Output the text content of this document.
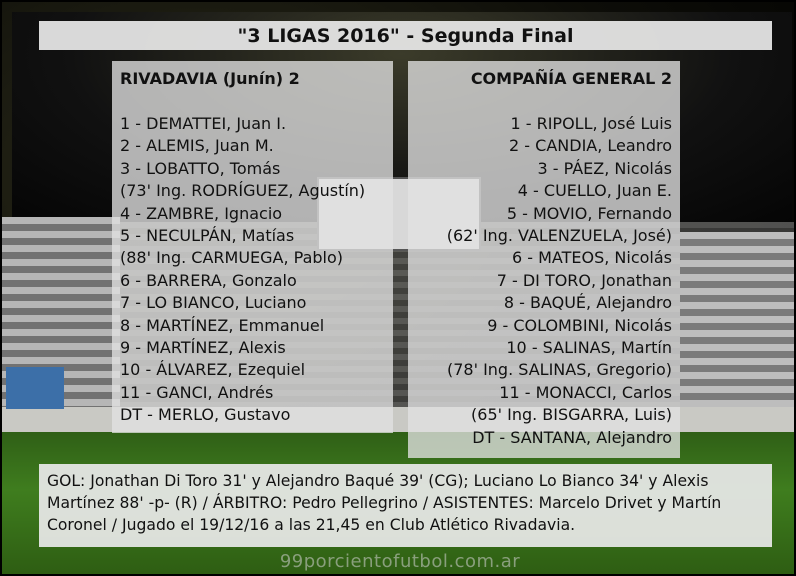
"3 LIGAS 2016" - Segunda Final
RIVADAVIA (Junín) 2
1 - DEMATTEI, Juan I.
2 - ALEMIS, Juan M.
3 - LOBATTO, Tomás
(73' Ing. RODRÍGUEZ, Agustín)
4 - ZAMBRE, Ignacio
5 - NECULPÁN, Matías
(88' Ing. CARMUEGA, Pablo)
6 - BARRERA, Gonzalo
7 - LO BIANCO, Luciano
8 - MARTÍNEZ, Emmanuel
9 - MARTÍNEZ, Alexis
10 - ÁLVAREZ, Ezequiel
11 - GANCI, Andrés
DT - MERLO, Gustavo
COMPAÑÍA GENERAL 2
1 - RIPOLL, José Luis
2 - CANDIA, Leandro
3 - PÁEZ, Nicolás
4 - CUELLO, Juan E.
5 - MOVIO, Fernando
(62' Ing. VALENZUELA, José)
6 - MATEOS, Nicolás
7 - DI TORO, Jonathan
8 - BAQUÉ, Alejandro
9 - COLOMBINI, Nicolás
10 - SALINAS, Martín
(78' Ing. SALINAS, Gregorio)
11 - MONACCI, Carlos
(65' Ing. BISGARRA, Luis)
DT - SANTANA, Alejandro

GOL: Jonathan Di Toro 31' y Alejandro Baqué 39' (CG); Luciano Lo Bianco 34' y Alexis Martínez 88' -p- (R) / ÁRBITRO: Pedro Pellegrino / ASISTENTES: Marcelo Drivet y Martín Coronel / Jugado el 19/12/16 a las 21,45 en Club Atlético Rivadavia.

99porcientofutbol.com.ar
